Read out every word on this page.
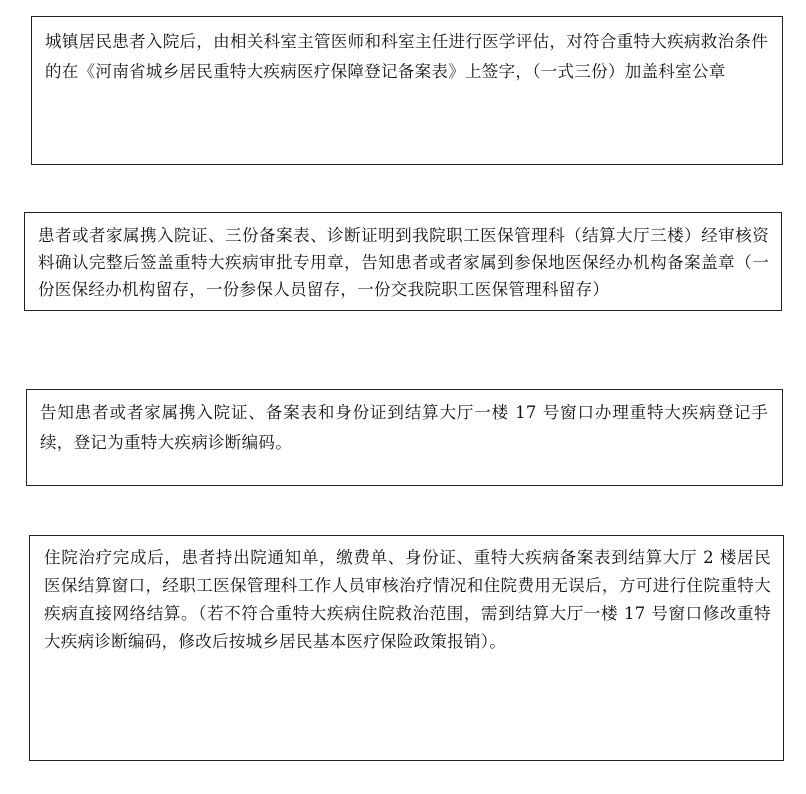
城镇居民患者入院后，由相关科室主管医师和科室主任进行医学评估，对符合重特大疾病救治条件的在《河南省城乡居民重特大疾病医疗保障登记备案表》上签字，（一式三份）加盖科室公章

患者或者家属携入院证、三份备案表、诊断证明到我院职工医保管理科（结算大厅三楼）经审核资料确认完整后签盖重特大疾病审批专用章，告知患者或者家属到参保地医保经办机构备案盖章（一份医保经办机构留存，一份参保人员留存，一份交我院职工医保管理科留存）

告知患者或者家属携入院证、备案表和身份证到结算大厅一楼 17 号窗口办理重特大疾病登记手续，登记为重特大疾病诊断编码。

住院治疗完成后，患者持出院通知单，缴费单、身份证、重特大疾病备案表到结算大厅 2 楼居民医保结算窗口，经职工医保管理科工作人员审核治疗情况和住院费用无误后，方可进行住院重特大疾病直接网络结算。（若不符合重特大疾病住院救治范围，需到结算大厅一楼 17 号窗口修改重特大疾病诊断编码，修改后按城乡居民基本医疗保险政策报销）。
